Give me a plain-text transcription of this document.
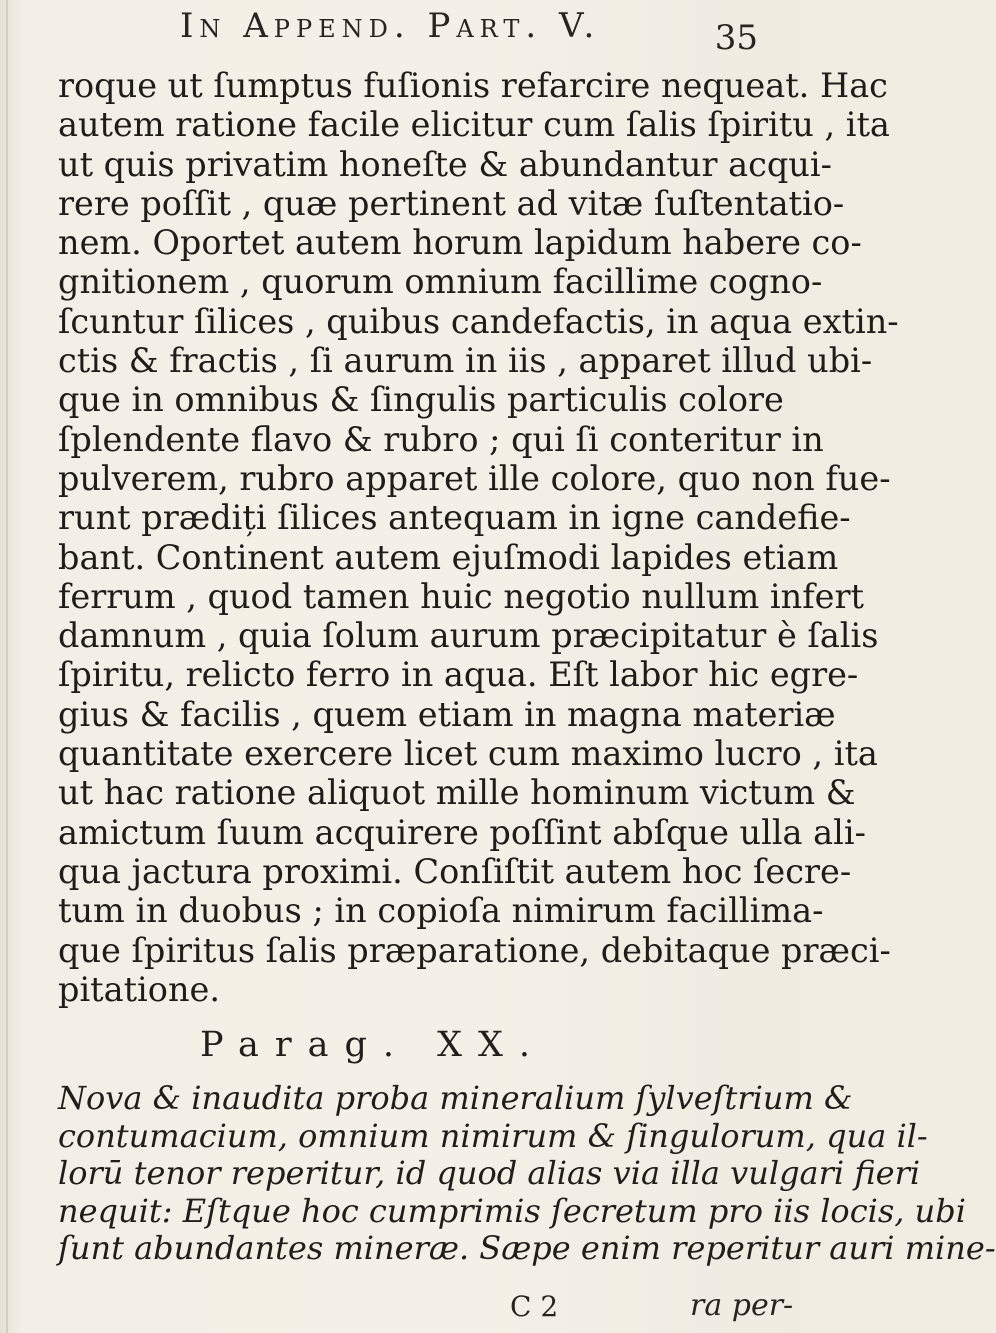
In Append. Part. V.	35
roque ut ſumptus fuſionis refarcire nequeat. Hac
autem ratione facile elicitur cum ſalis ſpiritu , ita
ut quis privatim honeſte & abundantur acqui-
rere poſſit , quæ pertinent ad vitæ ſuſtentatio-
nem. Oportet autem horum lapidum habere co-
gnitionem , quorum omnium facillime cogno-
ſcuntur ſilices , quibus candefactis, in aqua extin-
ctis & fractis , ſi aurum in iis , apparet illud ubi-
que in omnibus & ſingulis particulis colore
ſplendente flavo & rubro ; qui ſi conteritur in
pulverem, rubro apparet ille colore, quo non fue-
runt prædiți ſilices antequam in igne candefie-
bant. Continent autem ejuſmodi lapides etiam
ferrum , quod tamen huic negotio nullum infert
damnum , quia ſolum aurum præcipitatur è ſalis
ſpiritu, relicto ferro in aqua. Eſt labor hic egre-
gius & facilis , quem etiam in magna materiæ
quantitate exercere licet cum maximo lucro , ita
ut hac ratione aliquot mille hominum victum &
amictum ſuum acquirere poſſint abſque ulla ali-
qua jactura proximi. Conſiſtit autem hoc ſecre-
tum in duobus ; in copioſa nimirum facillima-
que ſpiritus ſalis præparatione, debitaque præci-
pitatione.
Parag. XX.
Nova & inaudita proba mineralium ſylveſtrium &
contumacium, omnium nimirum & ſingulorum, qua il-
lorū tenor reperitur, id quod alias via illa vulgari fieri
nequit: Eſtque hoc cumprimis ſecretum pro iis locis, ubi
ſunt abundantes mineræ. Sæpe enim reperitur auri mine-
C 2	ra per-
